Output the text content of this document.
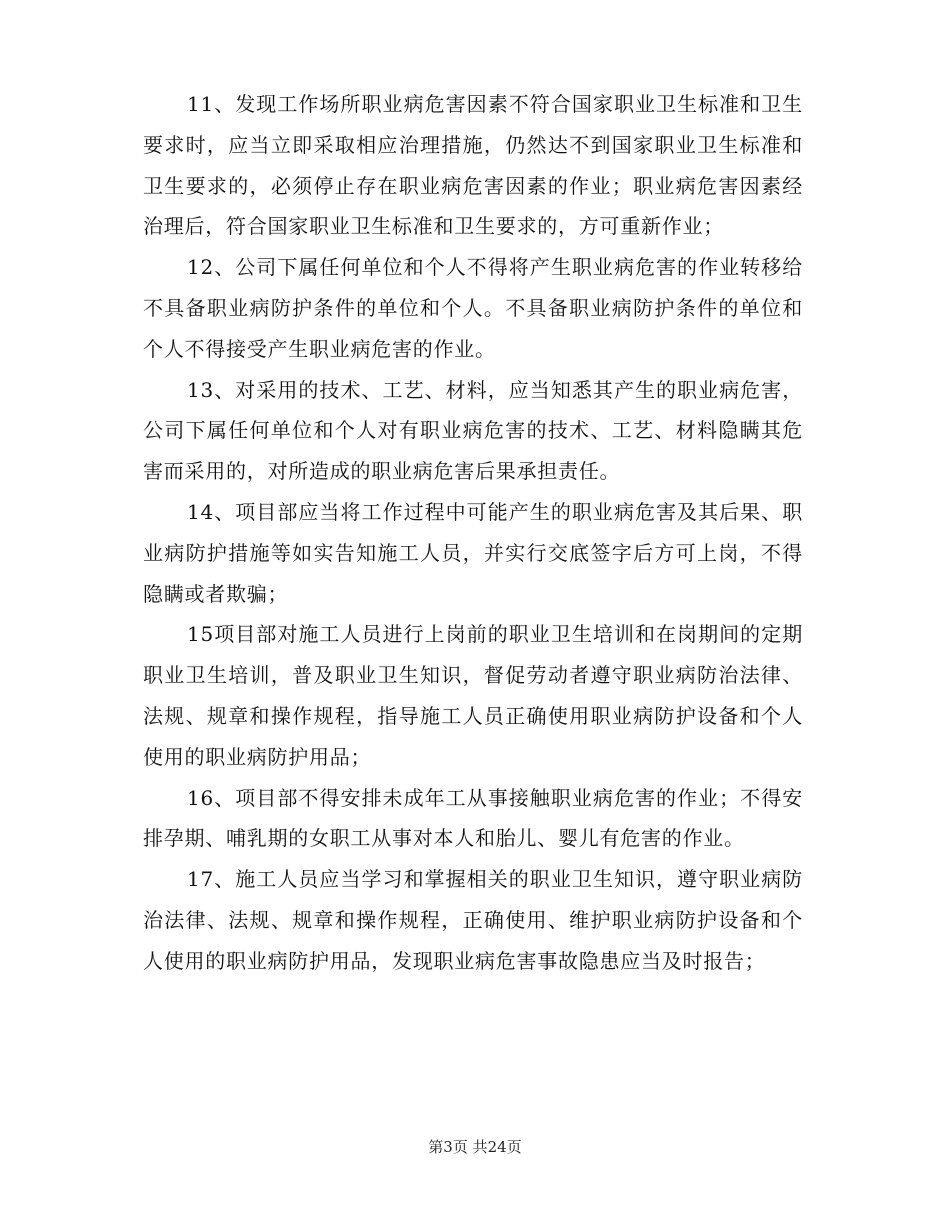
11、发现工作场所职业病危害因素不符合国家职业卫生标准和卫生要求时，应当立即采取相应治理措施，仍然达不到国家职业卫生标准和卫生要求的，必须停止存在职业病危害因素的作业；职业病危害因素经治理后，符合国家职业卫生标准和卫生要求的，方可重新作业；

12、公司下属任何单位和个人不得将产生职业病危害的作业转移给不具备职业病防护条件的单位和个人。不具备职业病防护条件的单位和个人不得接受产生职业病危害的作业。

13、对采用的技术、工艺、材料，应当知悉其产生的职业病危害，公司下属任何单位和个人对有职业病危害的技术、工艺、材料隐瞒其危害而采用的，对所造成的职业病危害后果承担责任。

14、项目部应当将工作过程中可能产生的职业病危害及其后果、职业病防护措施等如实告知施工人员，并实行交底签字后方可上岗，不得隐瞒或者欺骗；

15项目部对施工人员进行上岗前的职业卫生培训和在岗期间的定期职业卫生培训，普及职业卫生知识，督促劳动者遵守职业病防治法律、法规、规章和操作规程，指导施工人员正确使用职业病防护设备和个人使用的职业病防护用品；

16、项目部不得安排未成年工从事接触职业病危害的作业；不得安排孕期、哺乳期的女职工从事对本人和胎儿、婴儿有危害的作业。

17、施工人员应当学习和掌握相关的职业卫生知识，遵守职业病防治法律、法规、规章和操作规程，正确使用、维护职业病防护设备和个人使用的职业病防护用品，发现职业病危害事故隐患应当及时报告；

第3页 共24页
